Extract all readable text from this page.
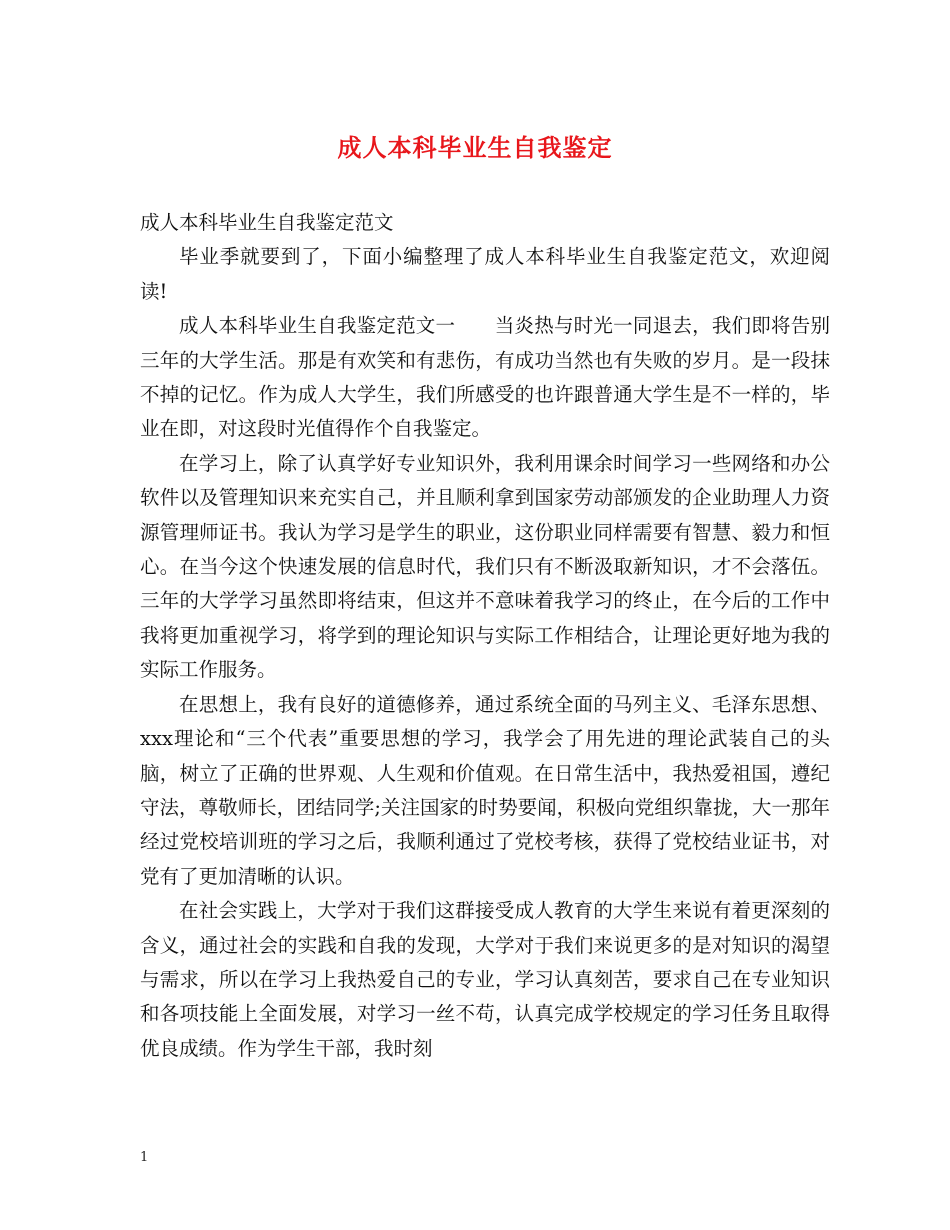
成人本科毕业生自我鉴定

成人本科毕业生自我鉴定范文

毕业季就要到了，下面小编整理了成人本科毕业生自我鉴定范文，欢迎阅读!

成人本科毕业生自我鉴定范文一　　当炎热与时光一同退去，我们即将告别三年的大学生活。那是有欢笑和有悲伤，有成功当然也有失败的岁月。是一段抹不掉的记忆。作为成人大学生，我们所感受的也许跟普通大学生是不一样的，毕业在即，对这段时光值得作个自我鉴定。

在学习上，除了认真学好专业知识外，我利用课余时间学习一些网络和办公软件以及管理知识来充实自己，并且顺利拿到国家劳动部颁发的企业助理人力资源管理师证书。我认为学习是学生的职业，这份职业同样需要有智慧、毅力和恒心。在当今这个快速发展的信息时代，我们只有不断汲取新知识，才不会落伍。三年的大学学习虽然即将结束，但这并不意味着我学习的终止，在今后的工作中我将更加重视学习，将学到的理论知识与实际工作相结合，让理论更好地为我的实际工作服务。

在思想上，我有良好的道德修养，通过系统全面的马列主义、毛泽东思想、xxx理论和“三个代表”重要思想的学习，我学会了用先进的理论武装自己的头脑，树立了正确的世界观、人生观和价值观。在日常生活中，我热爱祖国，遵纪守法，尊敬师长，团结同学;关注国家的时势要闻，积极向党组织靠拢，大一那年经过党校培训班的学习之后，我顺利通过了党校考核，获得了党校结业证书，对党有了更加清晰的认识。

在社会实践上，大学对于我们这群接受成人教育的大学生来说有着更深刻的含义，通过社会的实践和自我的发现，大学对于我们来说更多的是对知识的渴望与需求，所以在学习上我热爱自己的专业，学习认真刻苦，要求自己在专业知识和各项技能上全面发展，对学习一丝不苟，认真完成学校规定的学习任务且取得优良成绩。作为学生干部，我时刻

1
